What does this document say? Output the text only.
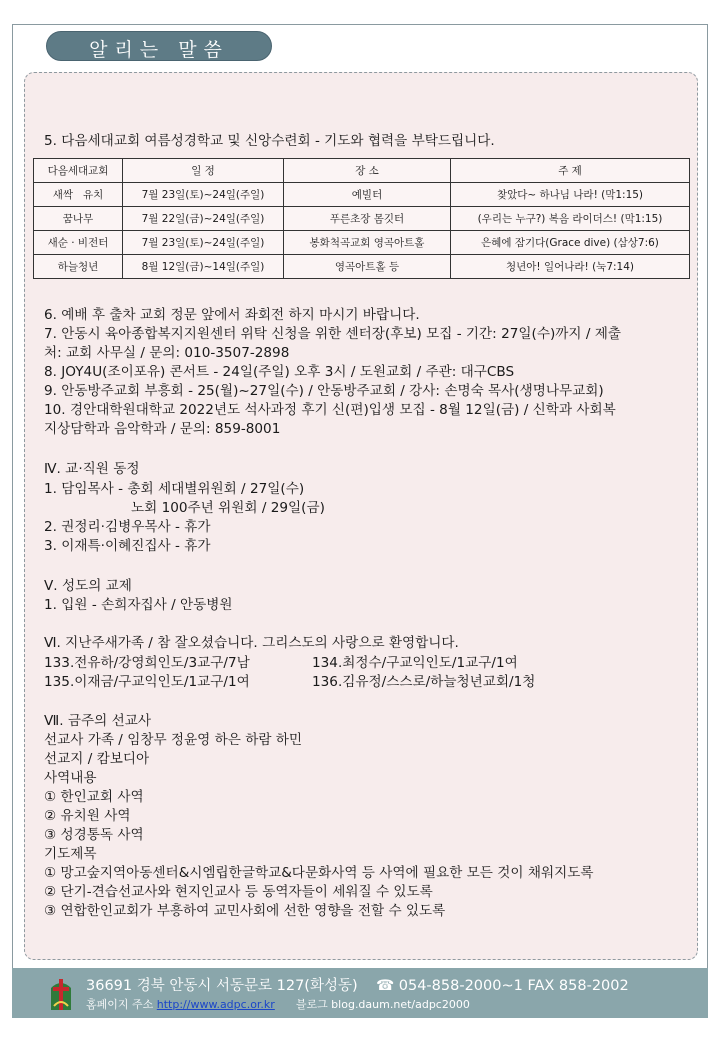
알리는 말씀
5. 다음세대교회 여름성경학교 및 신앙수련회 - 기도와 협력을 부탁드립니다.
다음세대교회	일 정	장 소	주 제
새싹   유치	7월 23일(토)~24일(주일)	예빌터	찾았다~ 하나님 나라! (막1:15)
꿈나무	7월 22일(금)~24일(주일)	푸른초장 몸깃터	(우리는 누구?) 복음 라이더스! (막1:15)
새순 · 비전터	7월 23일(토)~24일(주일)	봉화척곡교회 영곡아트홀	은혜에 잠기다(Grace dive) (삼상7:6)
하늘청년	8월 12일(금)~14일(주일)	영곡아트홀 등	청년아! 일어나라! (눅7:14)
6. 예배 후 출차 교회 정문 앞에서 좌회전 하지 마시기 바랍니다.
7. 안동시 육아종합복지지원센터 위탁 신청을 위한 센터장(후보) 모집 - 기간: 27일(수)까지 / 제출
처: 교회 사무실 / 문의: 010-3507-2898
8. JOY4U(조이포유) 콘서트 - 24일(주일) 오후 3시 / 도원교회 / 주관: 대구CBS
9. 안동방주교회 부흥회 - 25(월)~27일(수) / 안동방주교회 / 강사: 손명숙 목사(생명나무교회)
10. 경안대학원대학교 2022년도 석사과정 후기 신(편)입생 모집 - 8월 12일(금) / 신학과 사회복
지상담학과 음악학과 / 문의: 859-8001
Ⅳ. 교·직원 동정
1. 담임목사 - 총회 세대별위원회 / 27일(수)
노회 100주년 위원회 / 29일(금)
2. 권정리·김병우목사 - 휴가
3. 이재특·이혜진집사 - 휴가
Ⅴ. 성도의 교제
1. 입원 - 손희자집사 / 안동병원
Ⅵ. 지난주새가족 / 참 잘오셨습니다. 그리스도의 사랑으로 환영합니다.
133.전유하/강영희인도/3교구/7남	134.최정수/구교익인도/1교구/1여
135.이재금/구교익인도/1교구/1여	136.김유정/스스로/하늘청년교회/1청
Ⅶ. 금주의 선교사
선교사 가족 / 임창무 정윤영 하은 하람 하민
선교지 / 캄보디아
사역내용
① 한인교회 사역
② 유치원 사역
③ 성경통독 사역
기도제목
① 망고숲지역아동센터&시엠립한글학교&다문화사역 등 사역에 필요한 모든 것이 채워지도록
② 단기-견습선교사와 현지인교사 등 동역자들이 세워질 수 있도록
③ 연합한인교회가 부흥하여 교민사회에 선한 영향을 전할 수 있도록
36691 경북 안동시 서동문로 127(화성동) ☎ 054-858-2000~1 FAX 858-2002
홈페이지 주소 http://www.adpc.or.kr 블로그 blog.daum.net/adpc2000
